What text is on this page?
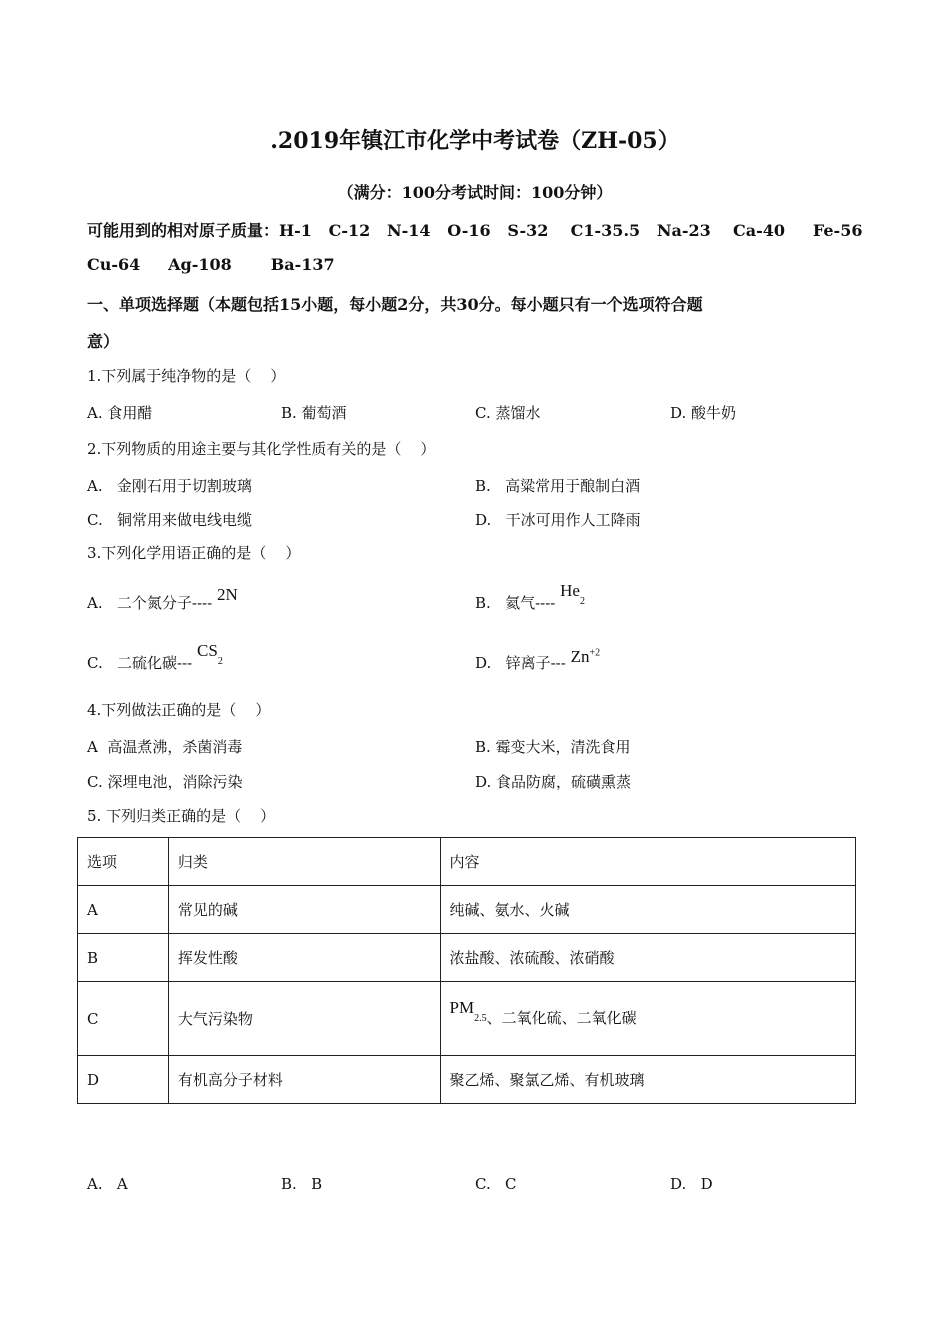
.2019年镇江市化学中考试卷（ZH-05）
（满分：100分考试时间：100分钟）
可能用到的相对原子质量：H-1   C-12   N-14   O-16   S-32    C1-35.5   Na-23    Ca-40     Fe-56
Cu-64     Ag-108       Ba-137
一、单项选择题（本题包括15小题，每小题2分，共30分。每小题只有一个选项符合题
意）
1.下列属于纯净物的是（    ）
A. 食用醋	B. 葡萄酒	C. 蒸馏水	D. 酸牛奶
2.下列物质的用途主要与其化学性质有关的是（    ）
A.   金刚石用于切割玻璃	B.   高粱常用于酿制白酒
C.   铜常用来做电线电缆	D.   干冰可用作人工降雨
3.下列化学用语正确的是（    ）
A.   二个氮分子---- 2N	B.   氦气---- $He_2$
C.   二硫化碳--- $CS_2$	D.   锌离子--- $Zn^{+2}$
4.下列做法正确的是（    ）
A  高温煮沸，杀菌消毒	B. 霉变大米，清洗食用
C. 深埋电池，消除污染	D. 食品防腐，硫磺熏蒸
5. 下列归类正确的是（    ）
选项	归类	内容
A	常见的碱	纯碱、氨水、火碱
B	挥发性酸	浓盐酸、浓硫酸、浓硝酸
C	大气污染物	$PM_{2.5}$、二氧化硫、二氧化碳
D	有机高分子材料	聚乙烯、聚氯乙烯、有机玻璃
A.   A	B.   B	C.   C	D.   D
